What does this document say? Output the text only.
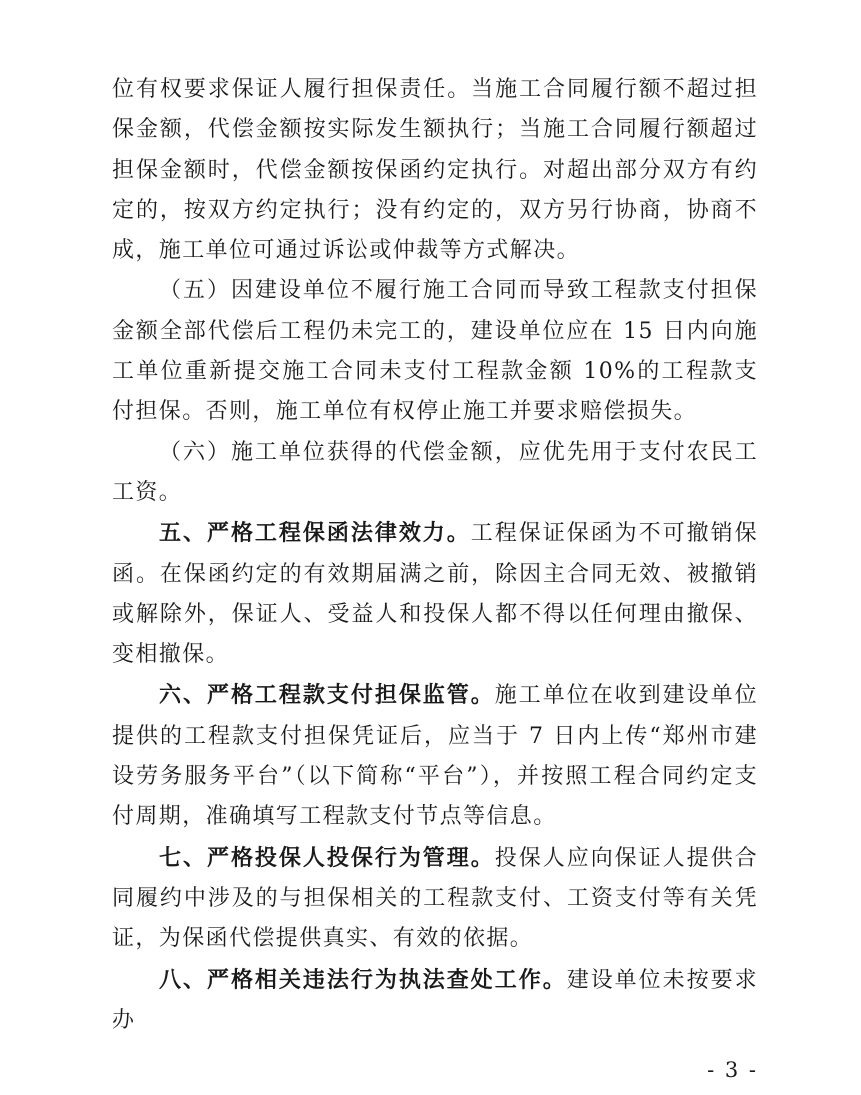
位有权要求保证人履行担保责任。当施工合同履行额不超过担保金额，代偿金额按实际发生额执行；当施工合同履行额超过担保金额时，代偿金额按保函约定执行。对超出部分双方有约定的，按双方约定执行；没有约定的，双方另行协商，协商不成，施工单位可通过诉讼或仲裁等方式解决。

（五）因建设单位不履行施工合同而导致工程款支付担保金额全部代偿后工程仍未完工的，建设单位应在 15 日内向施工单位重新提交施工合同未支付工程款金额 10%的工程款支付担保。否则，施工单位有权停止施工并要求赔偿损失。

（六）施工单位获得的代偿金额，应优先用于支付农民工工资。

五、严格工程保函法律效力。工程保证保函为不可撤销保函。在保函约定的有效期届满之前，除因主合同无效、被撤销或解除外，保证人、受益人和投保人都不得以任何理由撤保、变相撤保。

六、严格工程款支付担保监管。施工单位在收到建设单位提供的工程款支付担保凭证后，应当于 7 日内上传“郑州市建设劳务服务平台”（以下简称“平台”），并按照工程合同约定支付周期，准确填写工程款支付节点等信息。

七、严格投保人投保行为管理。投保人应向保证人提供合同履约中涉及的与担保相关的工程款支付、工资支付等有关凭证，为保函代偿提供真实、有效的依据。

八、严格相关违法行为执法查处工作。建设单位未按要求办

- 3 -
